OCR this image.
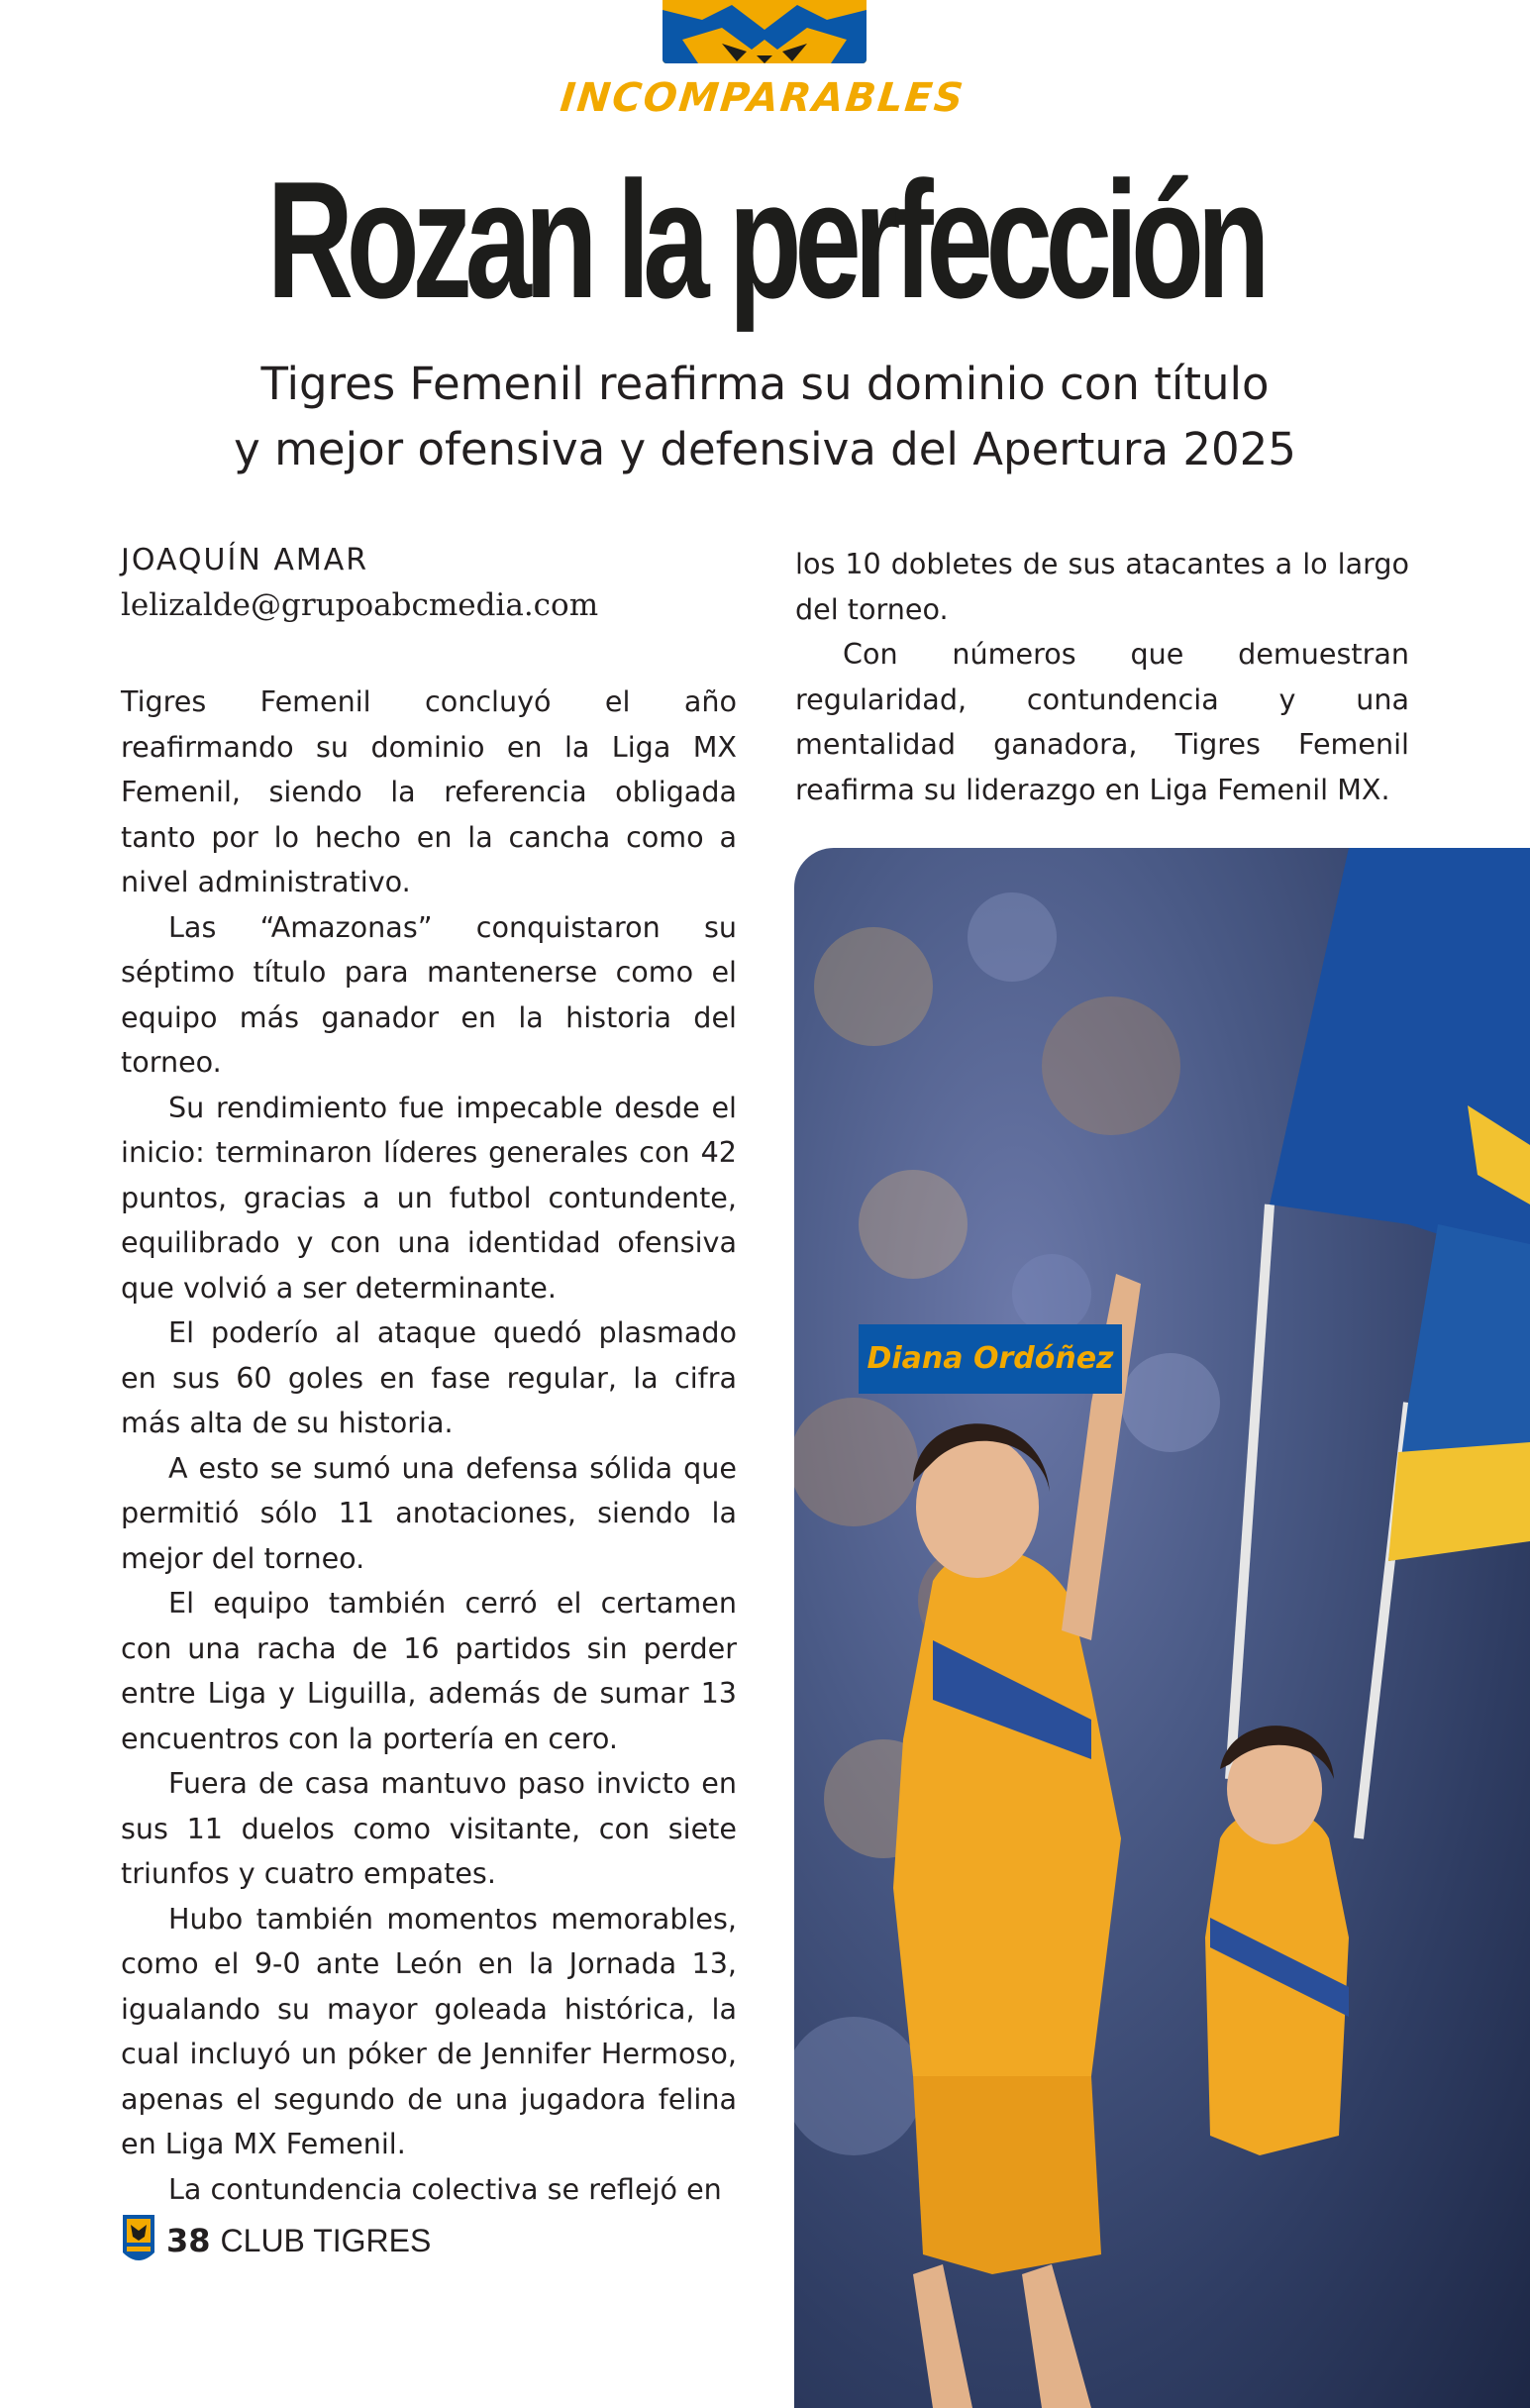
INCOMPARABLES
Rozan la perfección
Tigres Femenil reafirma su dominio con título
y mejor ofensiva y defensiva del Apertura 2025
JOAQUÍN AMAR
lelizalde@grupoabcmedia.com

Tigres Femenil concluyó el año reafirmando su dominio en la Liga MX Femenil, siendo la referencia obligada tanto por lo hecho en la cancha como a nivel administrativo.

Las “Amazonas” conquistaron su séptimo título para mantenerse como el equipo más ganador en la historia del torneo.

Su rendimiento fue impecable desde el inicio: terminaron líderes generales con 42 puntos, gracias a un futbol contundente, equilibrado y con una identidad ofensiva que volvió a ser determinante.

El poderío al ataque quedó plasmado en sus 60 goles en fase regular, la cifra más alta de su historia.

A esto se sumó una defensa sólida que permitió sólo 11 anotaciones, siendo la mejor del torneo.

El equipo también cerró el certamen con una racha de 16 partidos sin perder entre Liga y Liguilla, además de sumar 13 encuentros con la portería en cero.

Fuera de casa mantuvo paso invicto en sus 11 duelos como visitante, con siete triunfos y cuatro empates.

Hubo también momentos memorables, como el 9-0 ante León en la Jornada 13, igualando su mayor goleada histórica, la cual incluyó un póker de Jennifer Hermoso, apenas el segundo de una jugadora felina en Liga MX Femenil.

La contundencia colectiva se reflejó en

los 10 dobletes de sus atacantes a lo largo del torneo.

Con números que demuestran regularidad, contundencia y una mentalidad ganadora, Tigres Femenil reafirma su liderazgo en Liga Femenil MX.

Diana Ordóñez
38 CLUB TIGRES
